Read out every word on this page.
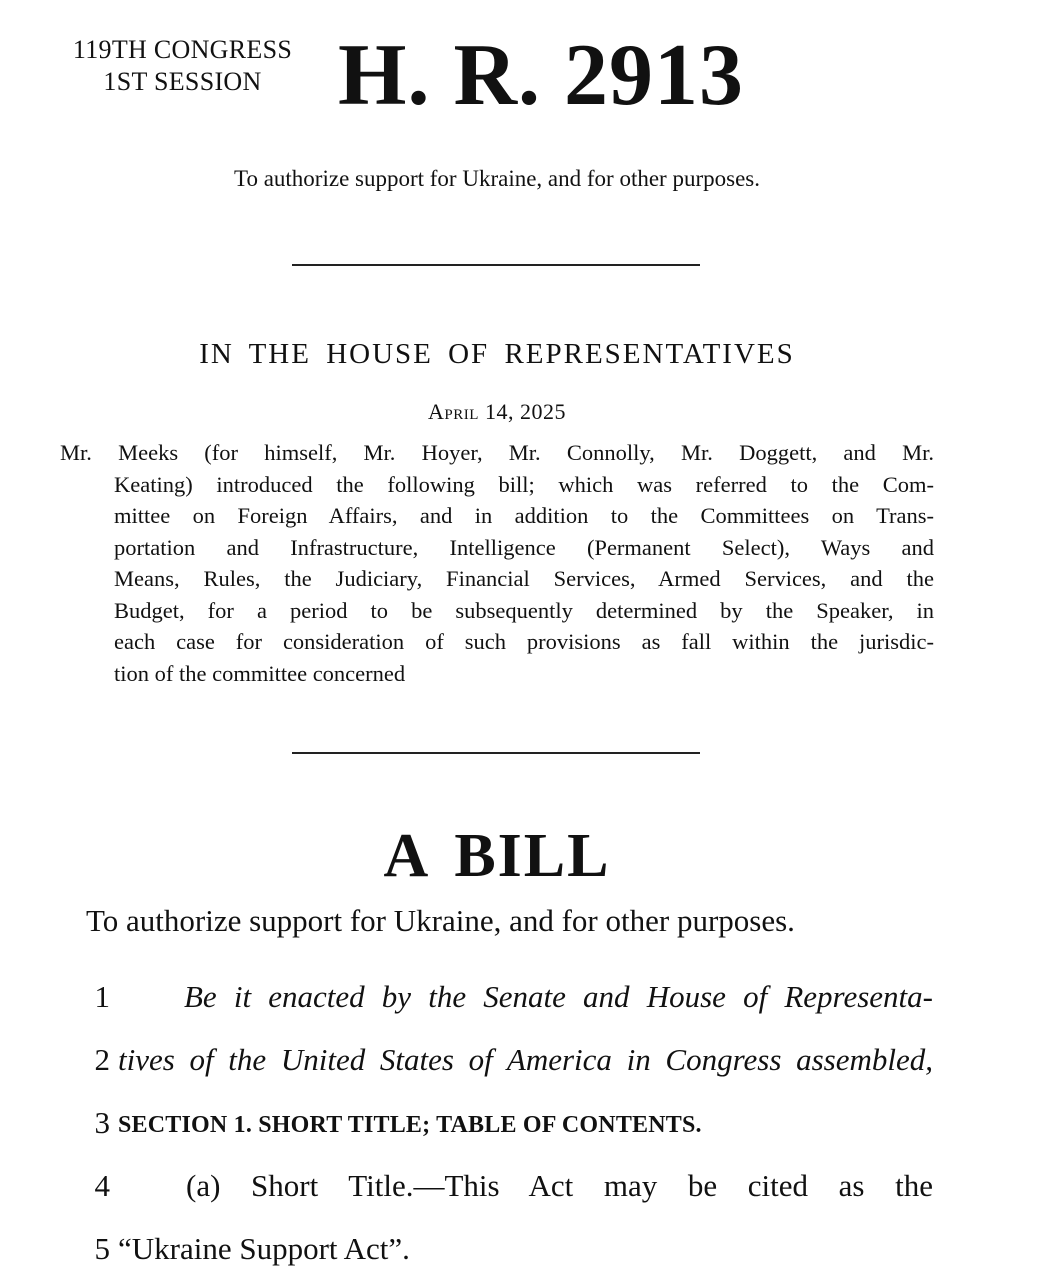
119TH CONGRESS
1ST SESSION H. R. 2913
To authorize support for Ukraine, and for other purposes.
IN THE HOUSE OF REPRESENTATIVES
April 14, 2025
Mr. Meeks (for himself, Mr. Hoyer, Mr. Connolly, Mr. Doggett, and Mr.
Keating) introduced the following bill; which was referred to the Com-
mittee on Foreign Affairs, and in addition to the Committees on Trans-
portation and Infrastructure, Intelligence (Permanent Select), Ways and
Means, Rules, the Judiciary, Financial Services, Armed Services, and the
Budget, for a period to be subsequently determined by the Speaker, in
each case for consideration of such provisions as fall within the jurisdic-
tion of the committee concerned
A BILL
To authorize support for Ukraine, and for other purposes.
1 Be it enacted by the Senate and House of Representa-
2 tives of the United States of America in Congress assembled,
3 SECTION 1. SHORT TITLE; TABLE OF CONTENTS.
4 (a) Short Title.—This Act may be cited as the
5 “Ukraine Support Act”.
